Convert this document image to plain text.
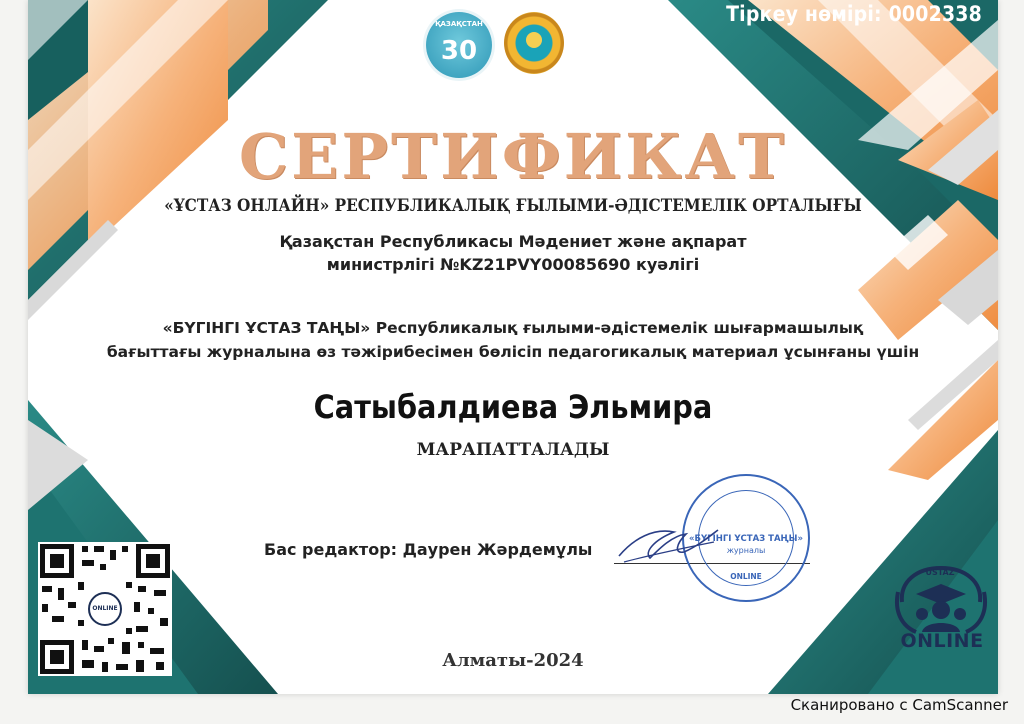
Тіркеу нөмірі: 0002338
ҚАЗАҚСТАН
30
СЕРТИФИКАТ
«ҰСТАЗ ОНЛАЙН» РЕСПУБЛИКАЛЫҚ ҒЫЛЫМИ-ӘДІСТЕМЕЛІК ОРТАЛЫҒЫ
Қазақстан Республикасы Мәдениет және ақпарат
министрлігі №KZ21PVY00085690 куәлігі
«БҮГІНГІ ҰСТАЗ ТАҢЫ» Республикалық ғылыми-әдістемелік шығармашылық
бағыттағы журналына өз тәжірибесімен бөлісіп педагогикалық материал ұсынғаны үшін
Сатыбалдиева Эльмира
МАРАПАТТАЛАДЫ
Бас редактор: Даурен Жәрдемұлы
«БҮГІНГІ ҰСТАЗ ТАҢЫ»
журналы
ONLINE
ONLINE
Алматы-2024
USTAZ
ONLINE
Сканировано с CamScanner
